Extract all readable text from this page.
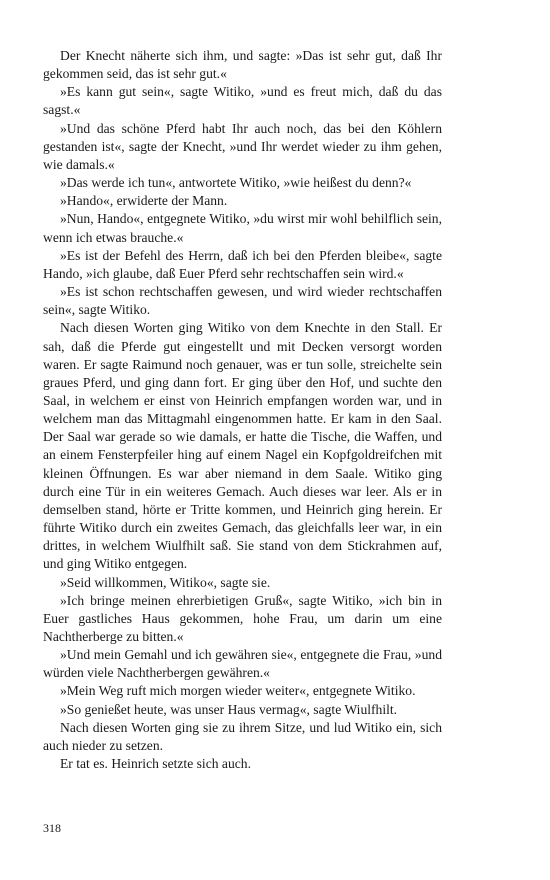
Der Knecht näherte sich ihm, und sagte: »Das ist sehr gut, daß Ihr gekommen seid, das ist sehr gut.«

»Es kann gut sein«, sagte Witiko, »und es freut mich, daß du das sagst.«

»Und das schöne Pferd habt Ihr auch noch, das bei den Köhlern gestanden ist«, sagte der Knecht, »und Ihr werdet wieder zu ihm gehen, wie damals.«

»Das werde ich tun«, antwortete Witiko, »wie heißest du denn?«

»Hando«, erwiderte der Mann.

»Nun, Hando«, entgegnete Witiko, »du wirst mir wohl behilflich sein, wenn ich etwas brauche.«

»Es ist der Befehl des Herrn, daß ich bei den Pferden bleibe«, sagte Hando, »ich glaube, daß Euer Pferd sehr rechtschaffen sein wird.«

»Es ist schon rechtschaffen gewesen, und wird wieder rechtschaffen sein«, sagte Witiko.

Nach diesen Worten ging Witiko von dem Knechte in den Stall. Er sah, daß die Pferde gut eingestellt und mit Decken versorgt worden waren. Er sagte Raimund noch genauer, was er tun solle, streichelte sein graues Pferd, und ging dann fort. Er ging über den Hof, und suchte den Saal, in welchem er einst von Heinrich empfangen worden war, und in welchem man das Mittagmahl eingenommen hatte. Er kam in den Saal. Der Saal war gerade so wie damals, er hatte die Tische, die Waffen, und an einem Fensterpfeiler hing auf einem Nagel ein Kopfgoldreifchen mit kleinen Öffnungen. Es war aber niemand in dem Saale. Witiko ging durch eine Tür in ein weiteres Gemach. Auch dieses war leer. Als er in demselben stand, hörte er Tritte kommen, und Heinrich ging herein. Er führte Witiko durch ein zweites Gemach, das gleichfalls leer war, in ein drittes, in welchem Wiulfhilt saß. Sie stand von dem Stickrahmen auf, und ging Witiko entgegen.

»Seid willkommen, Witiko«, sagte sie.

»Ich bringe meinen ehrerbietigen Gruß«, sagte Witiko, »ich bin in Euer gastliches Haus gekommen, hohe Frau, um darin um eine Nachtherberge zu bitten.«

»Und mein Gemahl und ich gewähren sie«, entgegnete die Frau, »und würden viele Nachtherbergen gewähren.«

»Mein Weg ruft mich morgen wieder weiter«, entgegnete Witiko.

»So genießet heute, was unser Haus vermag«, sagte Wiulfhilt.

Nach diesen Worten ging sie zu ihrem Sitze, und lud Witiko ein, sich auch nieder zu setzen.

Er tat es. Heinrich setzte sich auch.

318
